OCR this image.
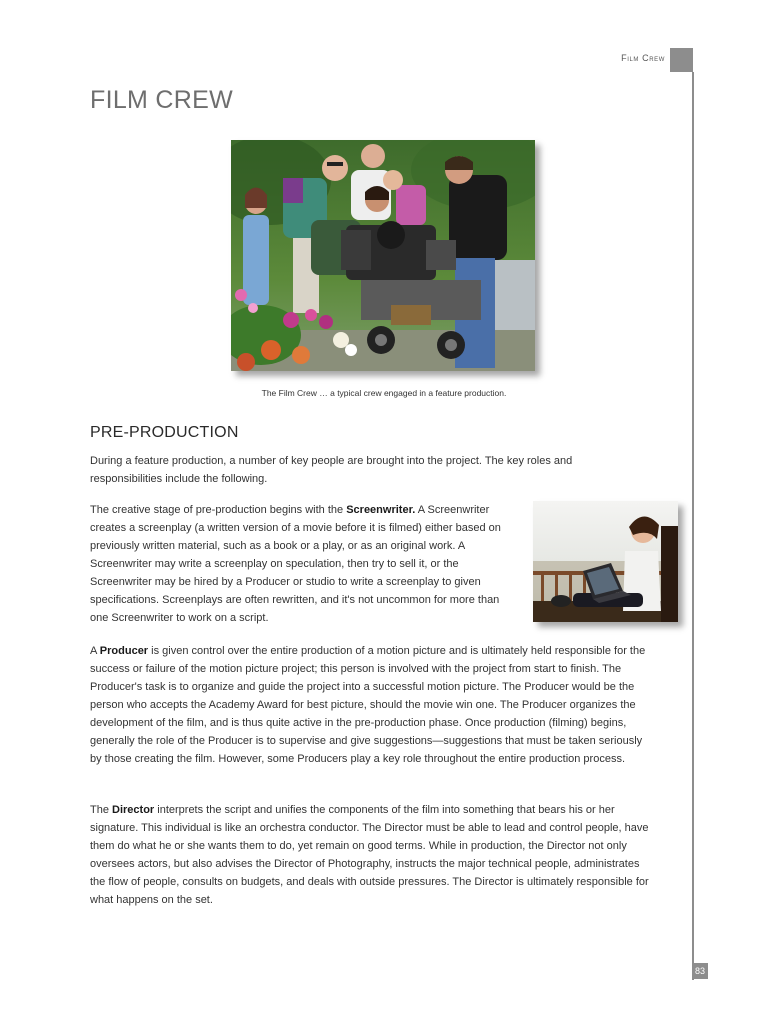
Film Crew
83
FILM CREW
The Film Crew … a typical crew engaged in a feature production.
PRE-PRODUCTION

During a feature production, a number of key people are brought into the project. The key roles and responsibilities include the following.

The creative stage of pre-production begins with the Screenwriter. A Screenwriter creates a screenplay (a written version of a movie before it is filmed) either based on previously written material, such as a book or a play, or as an original work. A Screenwriter may write a screenplay on speculation, then try to sell it, or the Screenwriter may be hired by a Producer or studio to write a screenplay to given specifications. Screenplays are often rewritten, and it's not uncommon for more than one Screenwriter to work on a script.

A Producer is given control over the entire production of a motion picture and is ultimately held responsible for the success or failure of the motion picture project; this person is involved with the project from start to finish. The Producer's task is to organize and guide the project into a successful motion picture. The Producer would be the person who accepts the Academy Award for best picture, should the movie win one. The Producer organizes the development of the film, and is thus quite active in the pre-production phase. Once production (filming) begins, generally the role of the Producer is to supervise and give suggestions—suggestions that must be taken seriously by those creating the film. However, some Producers play a key role throughout the entire production process.

The Director interprets the script and unifies the components of the film into something that bears his or her signature. This individual is like an orchestra conductor. The Director must be able to lead and control people, have them do what he or she wants them to do, yet remain on good terms. While in production, the Director not only oversees actors, but also advises the Director of Photography, instructs the major technical people, administrates the flow of people, consults on budgets, and deals with outside pressures. The Director is ultimately responsible for what happens on the set.
